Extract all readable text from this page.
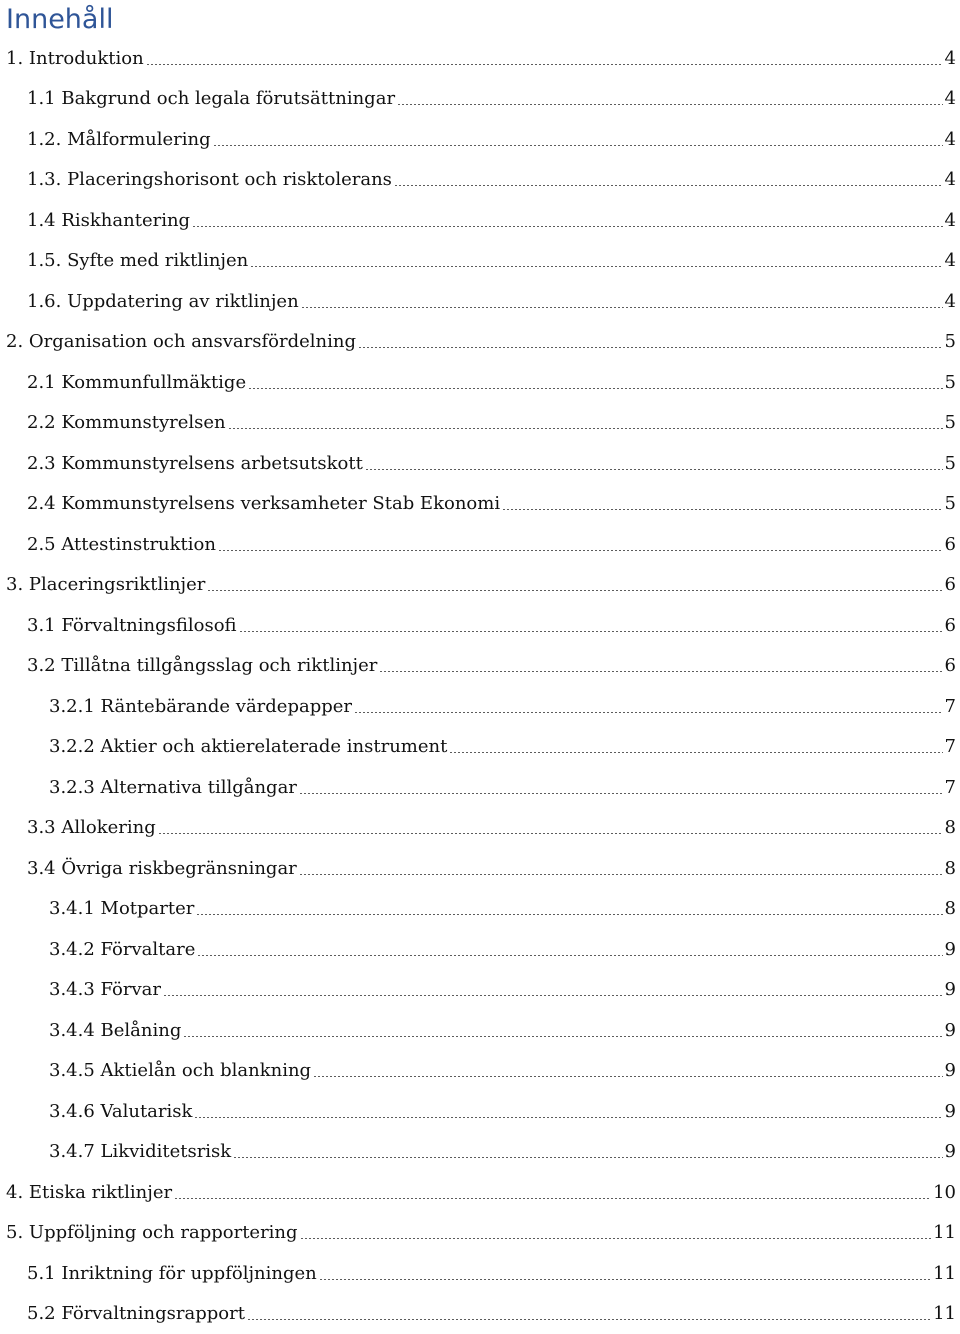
Innehåll
1. Introduktion	4
1.1 Bakgrund och legala förutsättningar	4
1.2. Målformulering	4
1.3. Placeringshorisont och risktolerans	4
1.4 Riskhantering	4
1.5. Syfte med riktlinjen	4
1.6. Uppdatering av riktlinjen	4
2. Organisation och ansvarsfördelning	5
2.1 Kommunfullmäktige	5
2.2 Kommunstyrelsen	5
2.3 Kommunstyrelsens arbetsutskott	5
2.4 Kommunstyrelsens verksamheter Stab Ekonomi	5
2.5 Attestinstruktion	6
3. Placeringsriktlinjer	6
3.1 Förvaltningsfilosofi	6
3.2 Tillåtna tillgångsslag och riktlinjer	6
3.2.1 Räntebärande värdepapper	7
3.2.2 Aktier och aktierelaterade instrument	7
3.2.3 Alternativa tillgångar	7
3.3 Allokering	8
3.4 Övriga riskbegränsningar	8
3.4.1 Motparter	8
3.4.2 Förvaltare	9
3.4.3 Förvar	9
3.4.4 Belåning	9
3.4.5 Aktielån och blankning	9
3.4.6 Valutarisk	9
3.4.7 Likviditetsrisk	9
4. Etiska riktlinjer	10
5. Uppföljning och rapportering	11
5.1 Inriktning för uppföljningen	11
5.2 Förvaltningsrapport	11
